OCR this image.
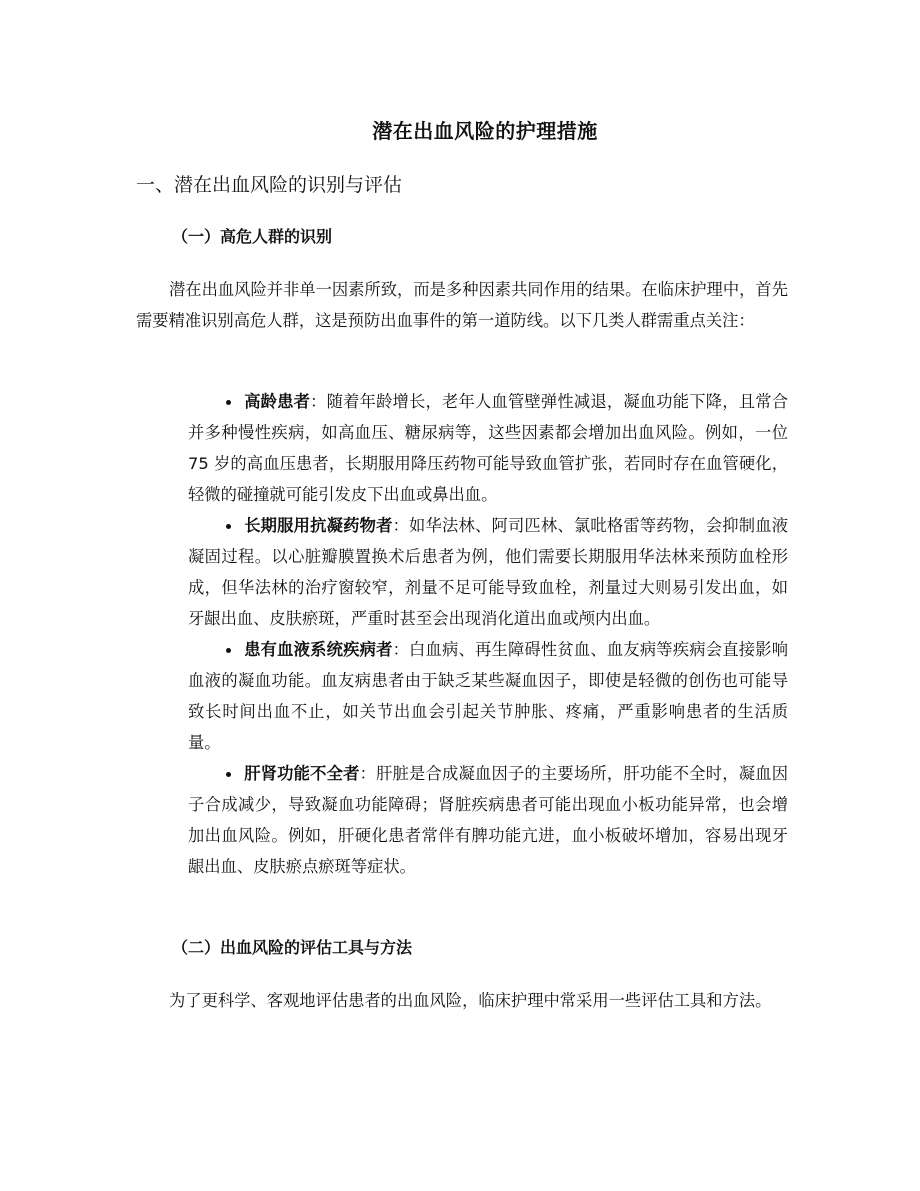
潜在出血风险的护理措施
一、潜在出血风险的识别与评估
（一）高危人群的识别
潜在出血风险并非单一因素所致，而是多种因素共同作用的结果。在临床护理中，首先需要精准识别高危人群，这是预防出血事件的第一道防线。以下几类人群需重点关注：
高龄患者：随着年龄增长，老年人血管壁弹性减退，凝血功能下降，且常合并多种慢性疾病，如高血压、糖尿病等，这些因素都会增加出血风险。例如，一位 75 岁的高血压患者，长期服用降压药物可能导致血管扩张，若同时存在血管硬化，轻微的碰撞就可能引发皮下出血或鼻出血。
长期服用抗凝药物者：如华法林、阿司匹林、氯吡格雷等药物，会抑制血液凝固过程。以心脏瓣膜置换术后患者为例，他们需要长期服用华法林来预防血栓形成，但华法林的治疗窗较窄，剂量不足可能导致血栓，剂量过大则易引发出血，如牙龈出血、皮肤瘀斑，严重时甚至会出现消化道出血或颅内出血。
患有血液系统疾病者：白血病、再生障碍性贫血、血友病等疾病会直接影响血液的凝血功能。血友病患者由于缺乏某些凝血因子，即使是轻微的创伤也可能导致长时间出血不止，如关节出血会引起关节肿胀、疼痛，严重影响患者的生活质量。
肝肾功能不全者：肝脏是合成凝血因子的主要场所，肝功能不全时，凝血因子合成减少，导致凝血功能障碍；肾脏疾病患者可能出现血小板功能异常，也会增加出血风险。例如，肝硬化患者常伴有脾功能亢进，血小板破坏增加，容易出现牙龈出血、皮肤瘀点瘀斑等症状。
（二）出血风险的评估工具与方法
为了更科学、客观地评估患者的出血风险，临床护理中常采用一些评估工具和方法。
